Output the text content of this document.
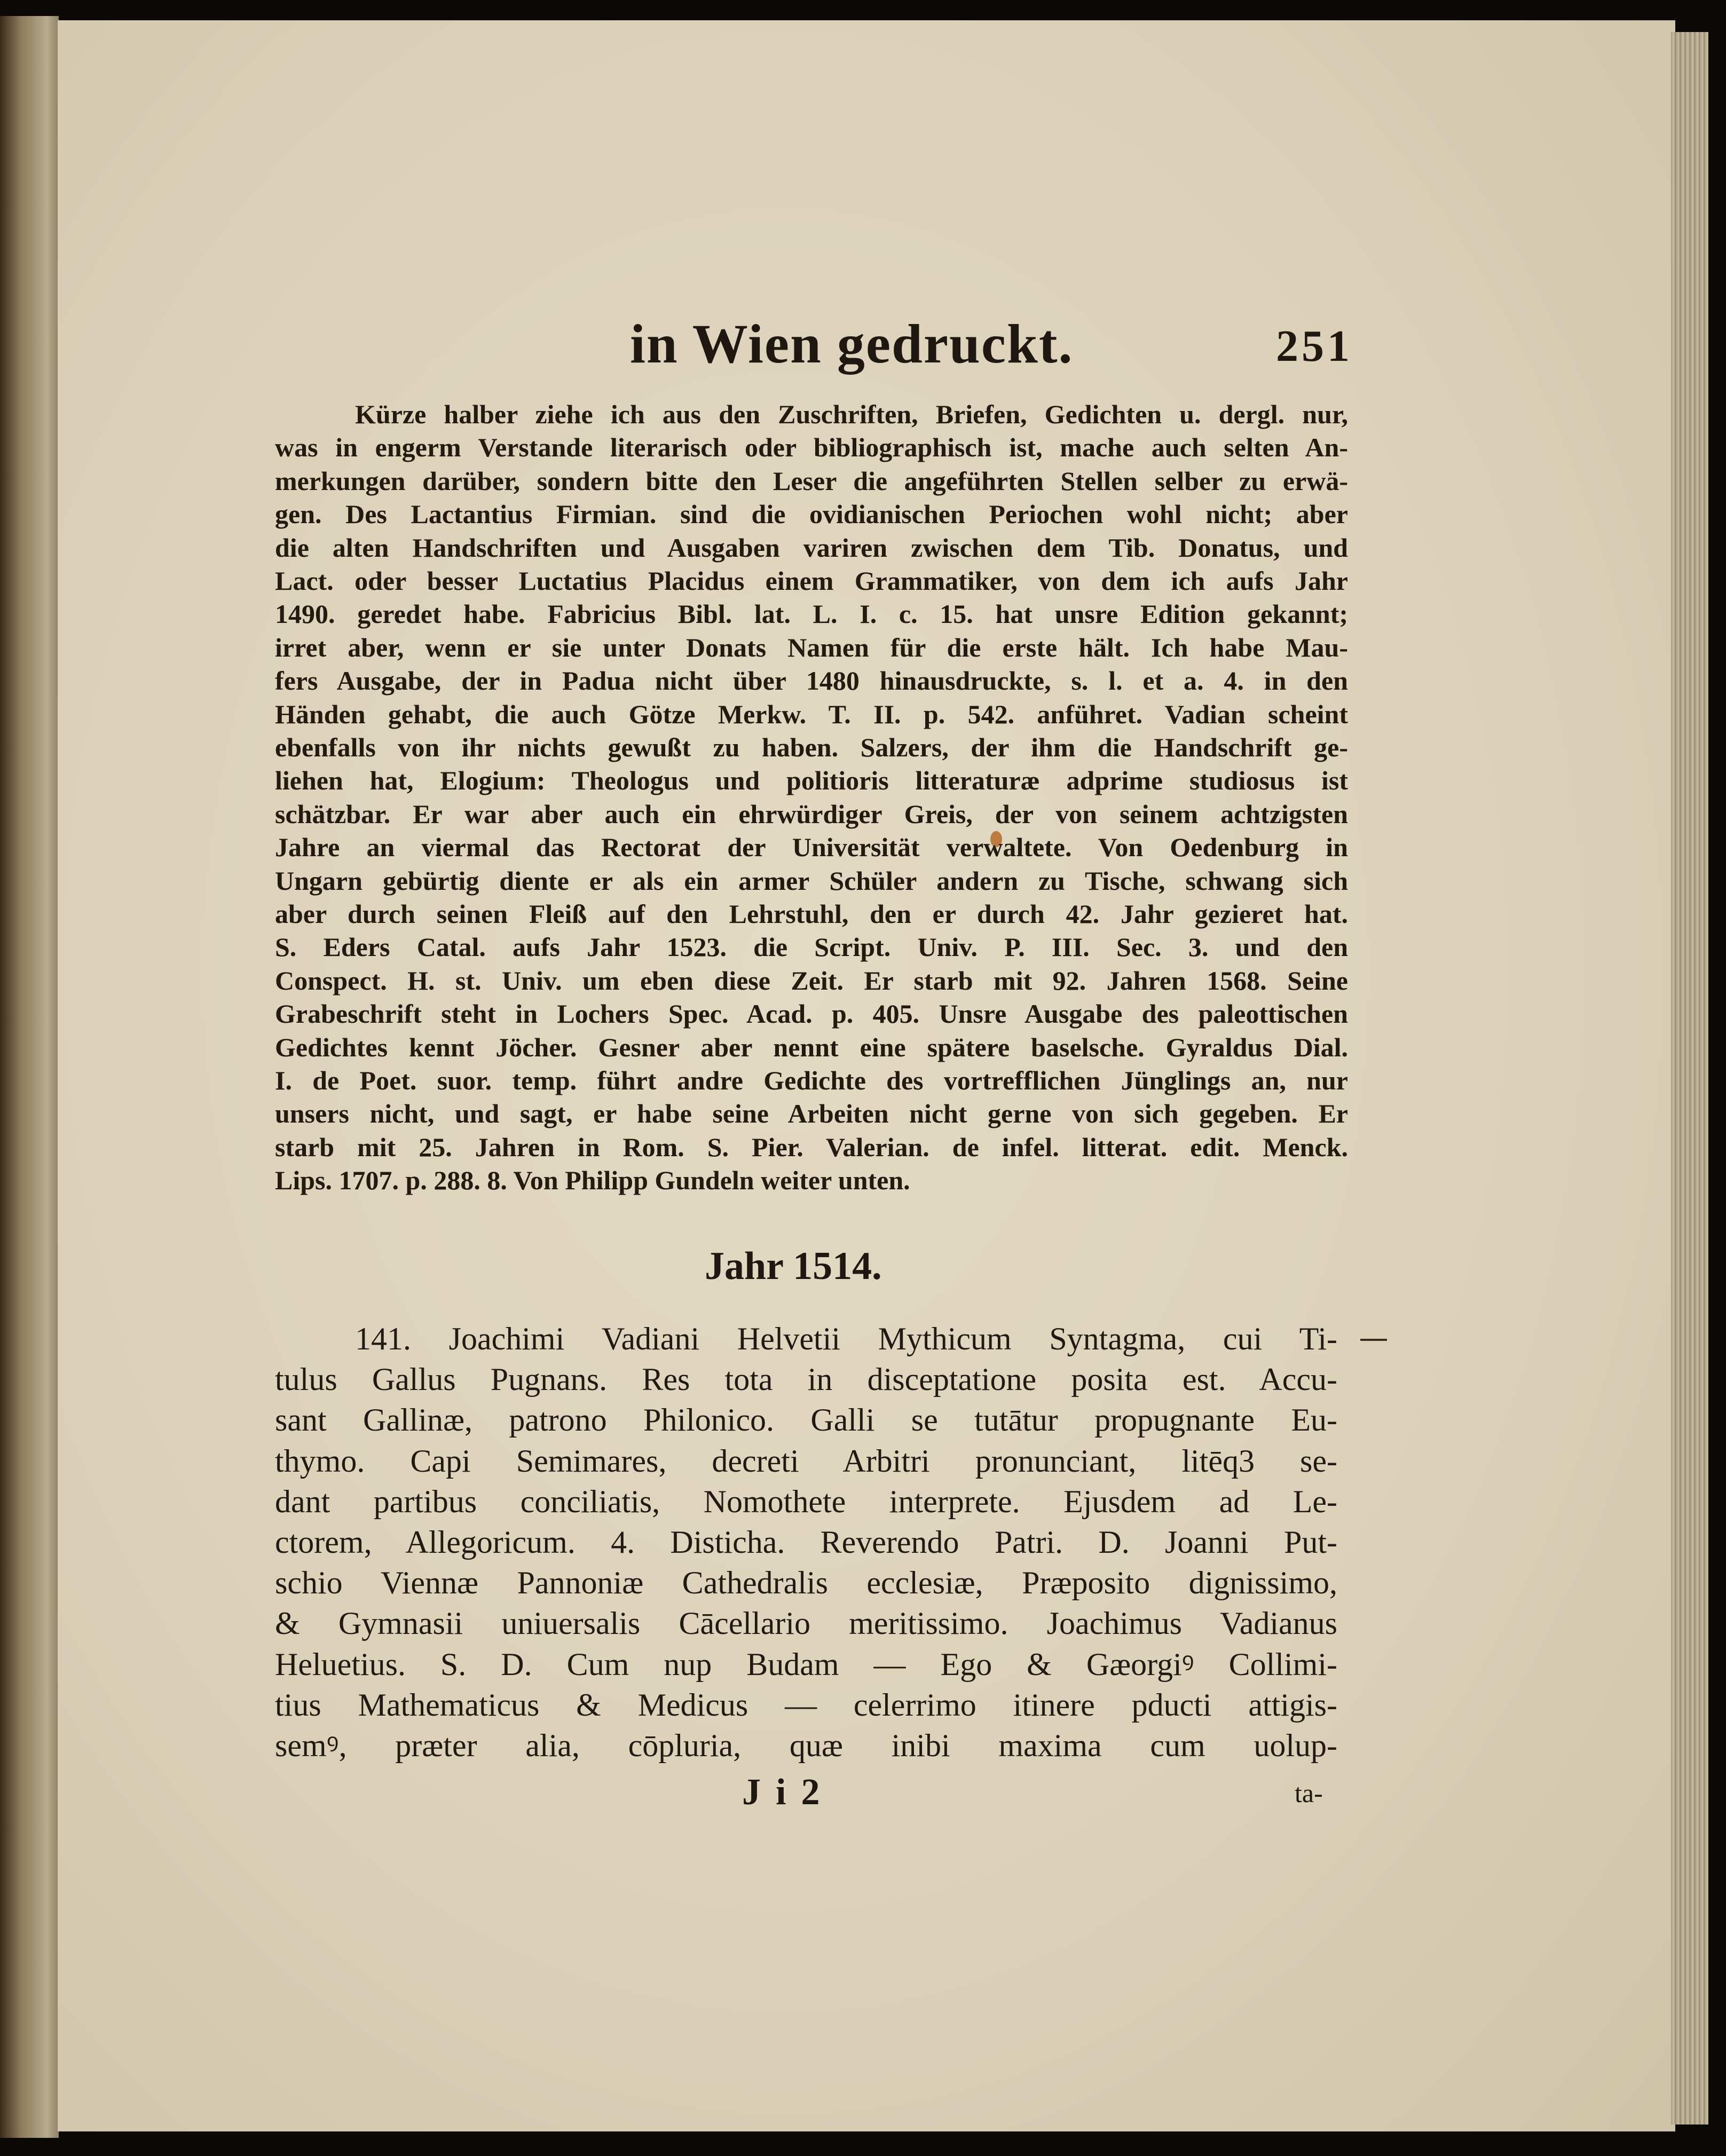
in Wien gedruckt.	251
Kürze halber ziehe ich aus den Zuschriften, Briefen, Gedichten u. dergl. nur,
was in engerm Verstande literarisch oder bibliographisch ist, mache auch selten An-
merkungen darüber, sondern bitte den Leser die angeführten Stellen selber zu erwä-
gen. Des Lactantius Firmian. sind die ovidianischen Periochen wohl nicht; aber
die alten Handschriften und Ausgaben variren zwischen dem Tib. Donatus, und
Lact. oder besser Luctatius Placidus einem Grammatiker, von dem ich aufs Jahr
1490. geredet habe. Fabricius Bibl. lat. L. I. c. 15. hat unsre Edition gekannt;
irret aber, wenn er sie unter Donats Namen für die erste hält. Ich habe Mau-
fers Ausgabe, der in Padua nicht über 1480 hinausdruckte, s. l. et a. 4. in den
Händen gehabt, die auch Götze Merkw. T. II. p. 542. anführet. Vadian scheint
ebenfalls von ihr nichts gewußt zu haben. Salzers, der ihm die Handschrift ge-
liehen hat, Elogium: Theologus und politioris litteraturæ adprime studiosus ist
schätzbar. Er war aber auch ein ehrwürdiger Greis, der von seinem achtzigsten
Jahre an viermal das Rectorat der Universität verwaltete. Von Oedenburg in
Ungarn gebürtig diente er als ein armer Schüler andern zu Tische, schwang sich
aber durch seinen Fleiß auf den Lehrstuhl, den er durch 42. Jahr gezieret hat.
S. Eders Catal. aufs Jahr 1523. die Script. Univ. P. III. Sec. 3. und den
Conspect. H. st. Univ. um eben diese Zeit. Er starb mit 92. Jahren 1568. Seine
Grabeschrift steht in Lochers Spec. Acad. p. 405. Unsre Ausgabe des paleottischen
Gedichtes kennt Jöcher. Gesner aber nennt eine spätere baselsche. Gyraldus Dial.
I. de Poet. suor. temp. führt andre Gedichte des vortrefflichen Jünglings an, nur
unsers nicht, und sagt, er habe seine Arbeiten nicht gerne von sich gegeben. Er
starb mit 25. Jahren in Rom. S. Pier. Valerian. de infel. litterat. edit. Menck.
Lips. 1707. p. 288. 8. Von Philipp Gundeln weiter unten.
Jahr 1514.
141. Joachimi Vadiani Helvetii Mythicum Syntagma, cui Ti-
tulus Gallus Pugnans. Res tota in disceptatione posita est. Accu-
sant Gallinæ, patrono Philonico. Galli se tutātur propugnante Eu-
thymo. Capi Semimares, decreti Arbitri pronunciant, litēq3 se-
dant partibus conciliatis, Nomothete interprete. Ejusdem ad Le-
ctorem, Allegoricum. 4. Disticha. Reverendo Patri. D. Joanni Put-
schio Viennæ Pannoniæ Cathedralis ecclesiæ, Præposito dignissimo,
& Gymnasii uniuersalis Cācellario meritissimo. Joachimus Vadianus
Heluetius. S. D. Cum nup Budam — Ego & Gæorgiꝰ Collimi-
tius Mathematicus & Medicus — celerrimo itinere pducti attigis-
semꝰ, præter alia, cōpluria, quæ inibi maxima cum uolup-
Ji2	ta-
